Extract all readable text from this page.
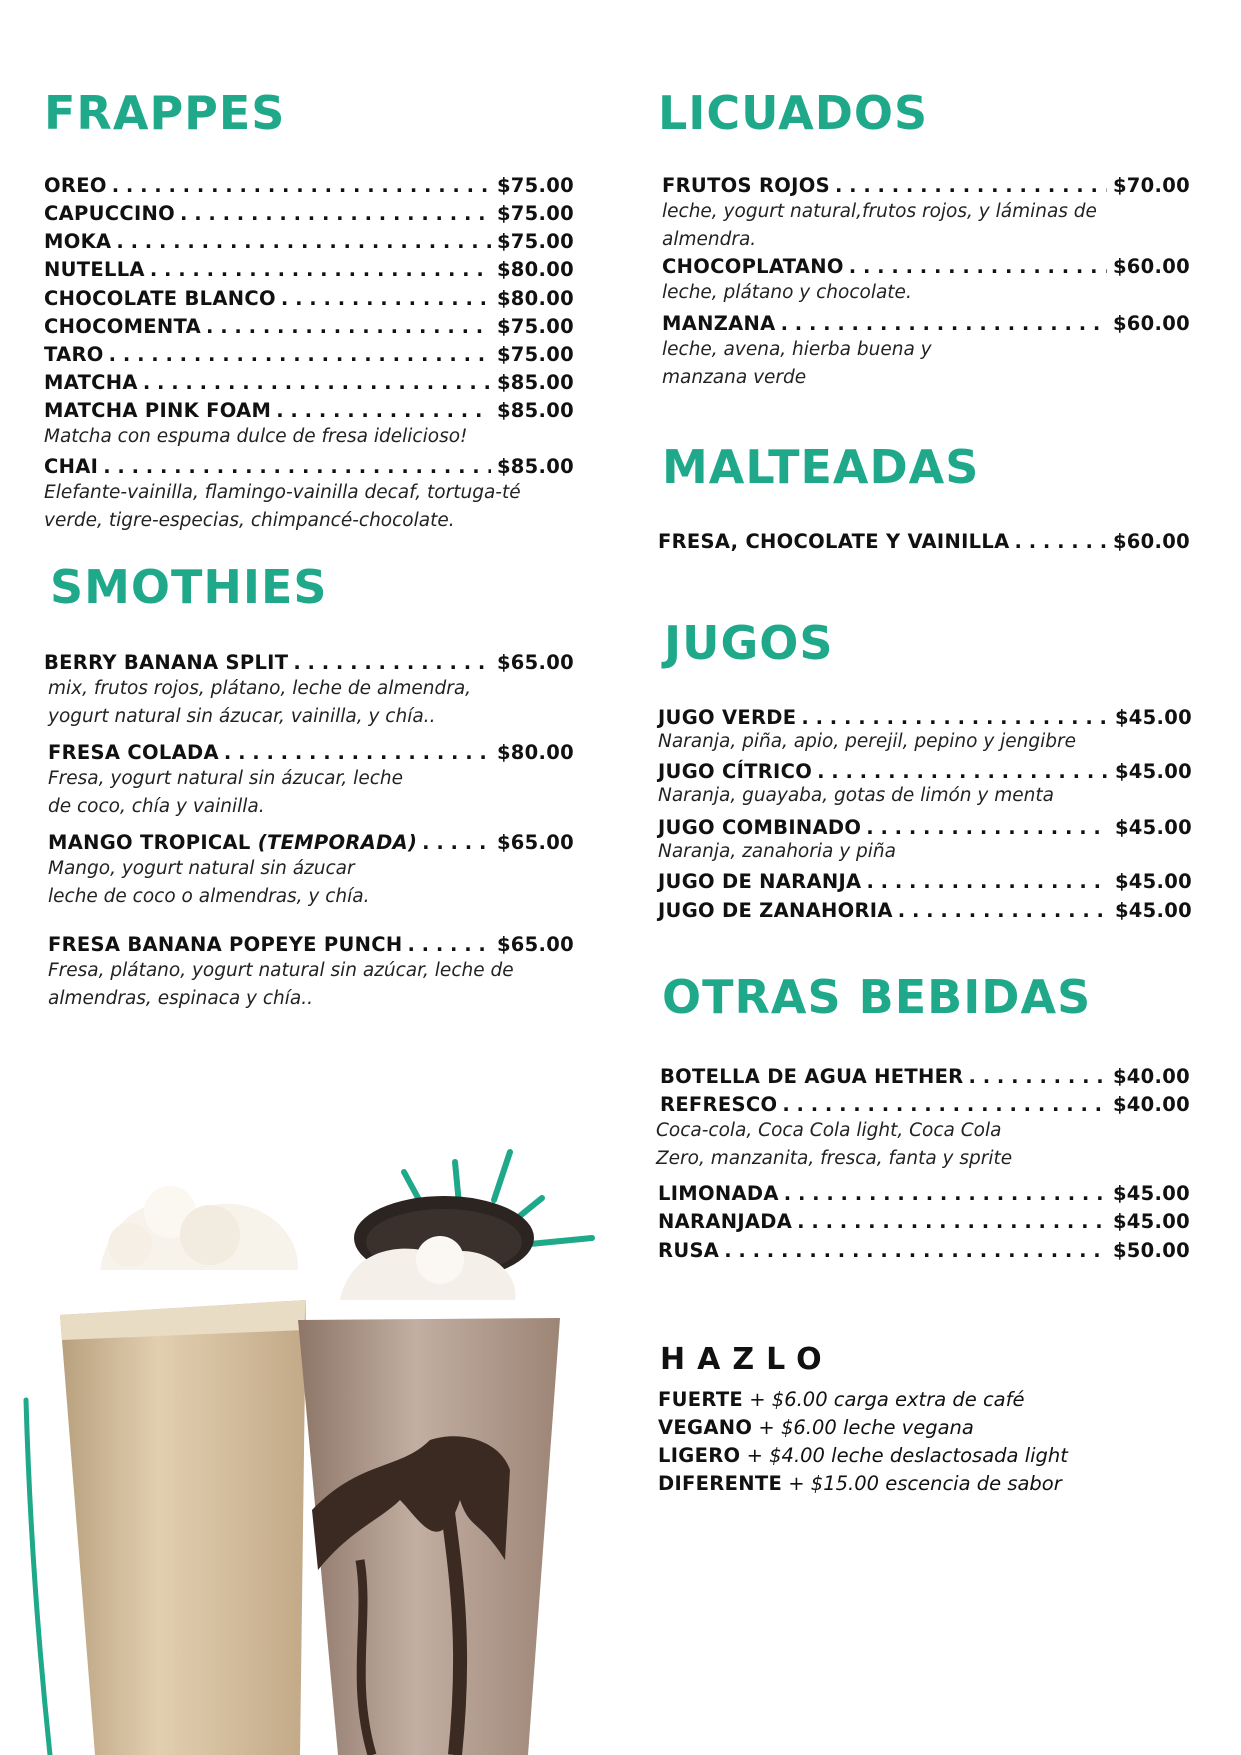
FRAPPES
OREO . . .	$75.00
CAPUCCINO . . .	$75.00
MOKA . . .	$75.00
NUTELLA . . .	$80.00
CHOCOLATE BLANCO . . .	$80.00
CHOCOMENTA . . .	$75.00
TARO . . .	$75.00
MATCHA . . .	$85.00
MATCHA PINK FOAM . . .	$85.00
Matcha con espuma dulce de fresa idelicioso!
CHAI . . .	$85.00
Elefante-vainilla, flamingo-vainilla decaf, tortuga-té
verde, tigre-especias, chimpancé-chocolate.
SMOTHIES
BERRY BANANA SPLIT . . .	$65.00
mix, frutos rojos, plátano, leche de almendra,
yogurt natural sin ázucar, vainilla, y chía..
FRESA COLADA . . .	$80.00
Fresa, yogurt natural sin ázucar, leche
de coco, chía y vainilla.
MANGO TROPICAL (TEMPORADA) . . .	$65.00
Mango, yogurt natural sin ázucar
leche de coco o almendras, y chía.
FRESA BANANA POPEYE PUNCH . . .	$65.00
Fresa, plátano, yogurt natural sin azúcar, leche de
almendras, espinaca y chía..
LICUADOS
FRUTOS ROJOS . . .	$70.00
leche, yogurt natural,frutos rojos, y láminas de
almendra.
CHOCOPLATANO . . .	$60.00
leche, plátano y chocolate.
MANZANA . . .	$60.00
leche, avena, hierba buena y
manzana verde
MALTEADAS
FRESA, CHOCOLATE Y VAINILLA . . .	$60.00
JUGOS
JUGO VERDE . . .	$45.00
Naranja, piña, apio, perejil, pepino y jengibre
JUGO CÍTRICO . . .	$45.00
Naranja, guayaba, gotas de limón y menta
JUGO COMBINADO . . .	$45.00
Naranja, zanahoria y piña
JUGO DE NARANJA . . .	$45.00
JUGO DE ZANAHORIA . . .	$45.00
OTRAS BEBIDAS
BOTELLA DE AGUA HETHER . . .	$40.00
REFRESCO . . .	$40.00
Coca-cola, Coca Cola light, Coca Cola
Zero, manzanita, fresca, fanta y sprite
LIMONADA . . .	$45.00
NARANJADA . . .	$45.00
RUSA . . .	$50.00
HAZLO
FUERTE + $6.00 carga extra de café
VEGANO + $6.00 leche vegana
LIGERO + $4.00 leche deslactosada light
DIFERENTE + $15.00 escencia de sabor
